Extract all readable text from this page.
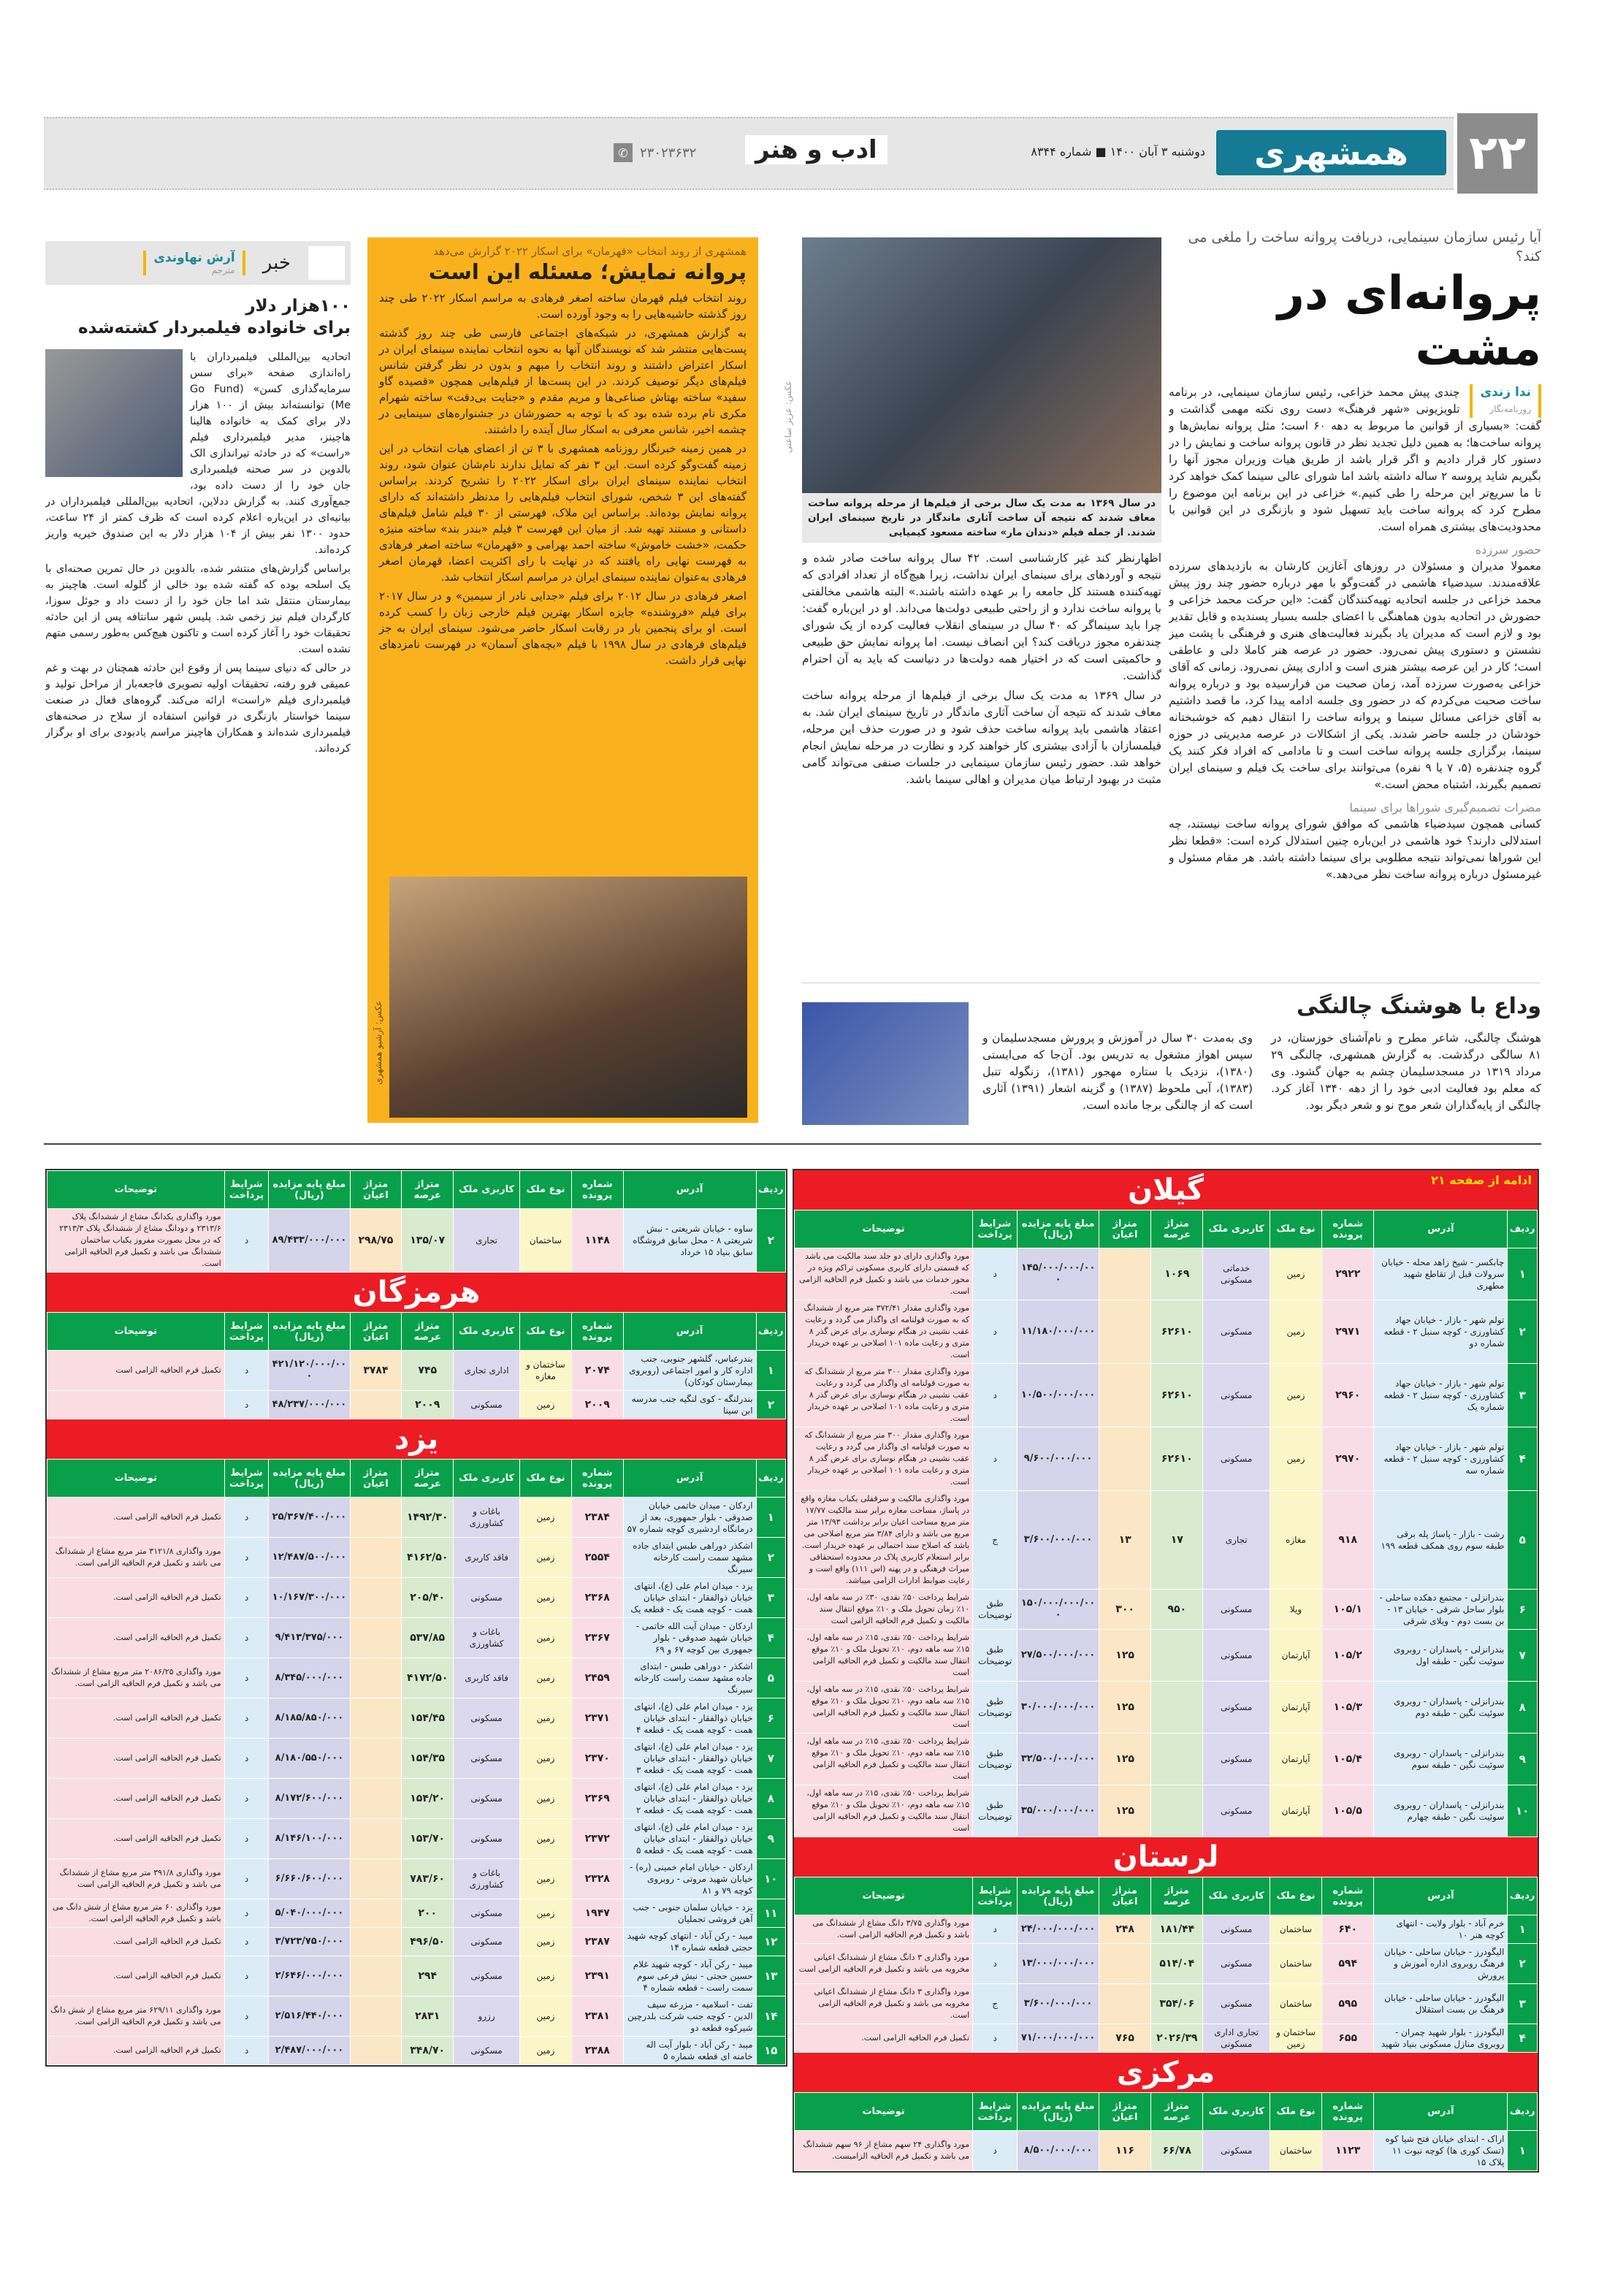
۲۲
همشهری
دوشنبه ۳ آبان ۱۴۰۰ ■ شماره ۸۳۴۴
ادب و هنر
✆ ۲۳۰۲۳۶۳۲
آیا رئیس سازمان سینمایی، دریافت پروانه ساخت را ملغی می کند؟
پروانه‌ای در مشت
ندا زندی
روزنامه‌نگار

چندی پیش محمد خزاعی، رئیس سازمان سینمایی، در برنامه تلویزیونی «شهر فرهنگ» دست روی نکته مهمی گذاشت و گفت: «بسیاری از قوانین ما مربوط به دهه ۶۰ است؛ مثل پروانه نمایش‌ها و پروانه ساخت‌ها؛ به همین دلیل تجدید نظر در قانون پروانه ساخت و نمایش را در دستور کار قرار دادیم و اگر قرار باشد از طریق هیات وزیران مجوز آنها را بگیریم شاید پروسه ۲ ساله داشته باشد اما شورای عالی سینما کمک خواهد کرد تا ما سریع‌تر این مرحله را طی کنیم.» خزاعی در این برنامه این موضوع را مطرح کرد که پروانه ساخت باید تسهیل شود و بازنگری در این قوانین با محدودیت‌های بیشتری همراه است.

حضور سرزده

معمولا مدیران و مسئولان در روزهای آغازین کارشان به بازدیدهای سرزده علاقه‌مندند. سیدضیاء هاشمی در گفت‌وگو با مهر درباره حضور چند روز پیش محمد خزاعی در جلسه اتحادیه تهیه‌کنندگان گفت: «این حرکت محمد خزاعی و حضورش در اتحادیه بدون هماهنگی با اعضای جلسه بسیار پسندیده و قابل تقدیر بود و لازم است که مدیران یاد بگیرند فعالیت‌های هنری و فرهنگی با پشت میز نشستن و دستوری پیش نمی‌رود. حضور در عرصه هنر کاملا دلی و عاطفی است؛ کار در این عرصه بیشتر هنری است و اداری پیش نمی‌رود. زمانی که آقای خزاعی به‌صورت سرزده آمد، زمان صحبت من فرارسیده بود و درباره پروانه ساخت صحبت می‌کردم که در حضور وی جلسه ادامه پیدا کرد، ما قصد داشتیم به آقای خزاعی مسائل سینما و پروانه ساخت را انتقال دهیم که خوشبختانه خودشان در جلسه حاضر شدند. یکی از اشکالات در عرصه مدیریتی در حوزه سینما، برگزاری جلسه پروانه ساخت است و تا مادامی که افراد فکر کنند یک گروه چندنفره (۵، ۷ یا ۹ نفره) می‌توانند برای ساخت یک فیلم و سینمای ایران تصمیم بگیرند، اشتباه محض است.»

مضرات تصمیم‌گیری شوراها برای سینما

کسانی همچون سیدضیاء هاشمی که موافق شورای پروانه ساخت نیستند، چه استدلالی دارند؟ خود هاشمی در این‌باره چنین استدلال کرده است: «قطعا نظر این شوراها نمی‌تواند نتیجه مطلوبی برای سینما داشته باشد. هر مقام مسئول و غیرمسئول درباره پروانه ساخت نظر می‌دهد.»

عکس: عزیز ساعتی
در سال ۱۳۶۹ به مدت یک سال برخی از فیلم‌ها از مرحله پروانه ساخت معاف شدند که نتیجه آن ساخت آثاری ماندگار در تاریخ سینمای ایران شدند. از جمله فیلم «دندان مار» ساخته مسعود کیمیایی

اظهارنظر کند غیر کارشناسی است. ۴۲ سال پروانه ساخت صادر شده و نتیجه و آوردهای برای سینمای ایران نداشت، زیرا هیچ‌گاه از تعداد افرادی که تهیه‌کننده هستند کل جامعه را بر عهده داشته باشند.» البته هاشمی مخالفتی با پروانه ساخت ندارد و از راحتی طبیعی دولت‌ها می‌داند. او در این‌باره گفت: چرا باید سینماگر که ۴۰ سال در سینمای انقلاب فعالیت کرده از یک شورای چندنفره مجوز دریافت کند؟ این انصاف نیست. اما پروانه نمایش حق طبیعی و حاکمیتی است که در اختیار همه دولت‌ها در دنیاست که باید به آن احترام گذاشت.

در سال ۱۳۶۹ به مدت یک سال برخی از فیلم‌ها از مرحله پروانه ساخت معاف شدند که نتیجه آن ساخت آثاری ماندگار در تاریخ سینمای ایران شد. به اعتقاد هاشمی باید پروانه ساخت حذف شود و در صورت حذف این مرحله، فیلمسازان با آزادی بیشتری کار خواهند کرد و نظارت در مرحله نمایش انجام خواهد شد. حضور رئیس سازمان سینمایی در جلسات صنفی می‌تواند گامی مثبت در بهبود ارتباط میان مدیران و اهالی سینما باشد.

وداع با هوشنگ چالنگی
هوشنگ چالنگی، شاعر مطرح و نام‌آشنای خوزستان، در ۸۱ سالگی درگذشت. به گزارش همشهری، چالنگی ۲۹ مرداد ۱۳۱۹ در مسجدسلیمان چشم به جهان گشود. وی که معلم بود فعالیت ادبی خود را از دهه ۱۳۴۰ آغاز کرد. چالنگی از پایه‌گذاران شعر موج نو و شعر دیگر بود.
وی به‌مدت ۳۰ سال در آموزش و پرورش مسجدسلیمان و سپس اهواز مشغول به تدریس بود. آن‌جا که می‌ایستی (۱۳۸۰)، نزدیک با ستاره مهجور (۱۳۸۱)، زنگوله تنبل (۱۳۸۳)، آبی ملحوظ (۱۳۸۷) و گزینه اشعار (۱۳۹۱) آثاری است که از چالنگی برجا مانده است.
همشهری از روند انتخاب «قهرمان» برای اسکار ۲۰۲۲ گزارش می‌دهد
پروانه نمایش؛ مسئله این است

روند انتخاب فیلم قهرمان ساخته اصغر فرهادی به مراسم اسکار ۲۰۲۲ طی چند روز گذشته حاشیه‌هایی را به وجود آورده است.

به گزارش همشهری، در شبکه‌های اجتماعی فارسی طی چند روز گذشته پست‌هایی منتشر شد که نویسندگان آنها به نحوه انتخاب نماینده سینمای ایران در اسکار اعتراض داشتند و روند انتخاب را مبهم و بدون در نظر گرفتن شانس فیلم‌های دیگر توصیف کردند. در این پست‌ها از فیلم‌هایی همچون «قصیده گاو سفید» ساخته بهتاش صناعی‌ها و مریم مقدم و «جنایت بی‌دقت» ساخته شهرام مکری نام برده شده بود که با توجه به حضورشان در جشنواره‌های سینمایی در چشمه اخیر، شانس معرفی به اسکار سال آینده را داشتند.

در همین زمینه خبرنگار روزنامه همشهری با ۳ تن از اعضای هیات انتخاب در این زمینه گفت‌وگو کرده است. این ۳ نفر که تمایل ندارند نام‌شان عنوان شود، روند انتخاب نماینده سینمای ایران برای اسکار ۲۰۲۲ را تشریح کردند. براساس گفته‌های این ۳ شخص، شورای انتخاب فیلم‌هایی را مدنظر داشته‌اند که دارای پروانه نمایش بوده‌اند. براساس این ملاک، فهرستی از ۳۰ فیلم شامل فیلم‌های داستانی و مستند تهیه شد. از میان این فهرست ۳ فیلم «بندر بند» ساخته منیژه حکمت، «خشت خاموش» ساخته احمد بهرامی و «قهرمان» ساخته اصغر فرهادی به فهرست نهایی راه یافتند که در نهایت با رای اکثریت اعضا، قهرمان اصغر فرهادی به‌عنوان نماینده سینمای ایران در مراسم اسکار انتخاب شد.

اصغر فرهادی در سال ۲۰۱۲ برای فیلم «جدایی نادر از سیمین» و در سال ۲۰۱۷ برای فیلم «فروشنده» جایزه اسکار بهترین فیلم خارجی زبان را کسب کرده است. او برای پنجمین بار در رقابت اسکار حاضر می‌شود. سینمای ایران به جز فیلم‌های فرهادی در سال ۱۹۹۸ با فیلم «بچه‌های آسمان» در فهرست نامزدهای نهایی قرار داشت.

عکس: آرشیو همشهری
خبر
آرش نهاوندی
مترجم
۱۰۰هزار دلار
برای خانواده فیلمبردار کشته‌شده

اتحادیه بین‌المللی فیلمبرداران با راه‌اندازی صفحه «برای سس سرمایه‌گذاری کسن» (Go Fund Me) توانسته‌اند بیش از ۱۰۰ هزار دلار برای کمک به خانواده هالینا هاچینز، مدیر فیلمبرداری فیلم «راست» که در حادثه تیراندازی الک بالدوین در سر صحنه فیلمبرداری جان خود را از دست داده بود، جمع‌آوری کنند. به گزارش ددلاین، اتحادیه بین‌المللی فیلمبرداران در بیانیه‌ای در این‌باره اعلام کرده است که ظرف کمتر از ۲۴ ساعت، حدود ۱۳۰۰ نفر بیش از ۱۰۴ هزار دلار به این صندوق خیریه واریز کرده‌اند.

براساس گزارش‌های منتشر شده، بالدوین در حال تمرین صحنه‌ای با یک اسلحه بوده که گفته شده بود خالی از گلوله است. هاچینز به بیمارستان منتقل شد اما جان خود را از دست داد و جوئل سوزا، کارگردان فیلم نیز زخمی شد. پلیس شهر سانتافه پس از این حادثه تحقیقات خود را آغاز کرده است و تاکنون هیچ‌کس به‌طور رسمی متهم نشده است.

در حالی که دنیای سینما پس از وقوع این حادثه همچنان در بهت و غم عمیقی فرو رفته، تحقیقات اولیه تصویری فاجعه‌بار از مراحل تولید و فیلمبرداری فیلم «راست» ارائه می‌کند. گروه‌های فعال در صنعت سینما خواستار بازنگری در قوانین استفاده از سلاح در صحنه‌های فیلمبرداری شده‌اند و همکاران هاچینز مراسم یادبودی برای او برگزار کرده‌اند.

گیلان	ادامه از صفحه ۲۱
ردیف	آدرس	شماره پرونده	نوع ملک	کاربری ملک	متراژ عرصه	متراژ اعیان	مبلغ پایه مزایده (ریال)	شرایط پرداخت	توضیحات
۱	چابکسر - شیخ زاهد محله - خیابان سرولات قبل از تقاطع شهید مطهری	۲۹۲۲	زمین	خدماتی مسکونی	۱۰۶۹		۱۴۵/۰۰۰/۰۰۰/۰۰۰	د	مورد واگذاری دارای دو جلد سند مالکیت می باشد که قسمتی دارای کاربری مسکونی تراکم ویژه در محور خدمات می باشد و تکمیل فرم الحاقیه الزامی است.
۲	تولم شهر - بازار - خیابان جهاد کشاورزی - کوچه سنبل ۲ - قطعه شماره دو	۲۹۷۱	زمین	مسکونی	۶۲۶۱۰		۱۱/۱۸۰/۰۰۰/۰۰۰	د	مورد واگذاری مقدار ۳۷۲/۴۱ متر مربع از ششدانگ که به صورت قولنامه ای واگذار می گردد و رعایت عقب نشینی در هنگام نوسازی برای عرض گذر ۸ متری و رعایت ماده ۱۰۱ اصلاحی بر عهده خریدار است.
۳	تولم شهر - بازار - خیابان جهاد کشاورزی - کوچه سنبل ۲ - قطعه شماره یک	۲۹۶۰	زمین	مسکونی	۶۲۶۱۰		۱۰/۵۰۰/۰۰۰/۰۰۰	د	مورد واگذاری مقدار ۳۰۰ متر مربع از ششدانگ که به صورت قولنامه ای واگذار می گردد و رعایت عقب نشینی در هنگام نوسازی برای عرض گذر ۸ متری و رعایت ماده ۱۰۱ اصلاحی بر عهده خریدار است.
۴	تولم شهر - بازار - خیابان جهاد کشاورزی - کوچه سنبل ۲ - قطعه شماره سه	۲۹۷۰	زمین	مسکونی	۶۲۶۱۰		۹/۶۰۰/۰۰۰/۰۰۰	د	مورد واگذاری مقدار ۳۰۰ متر مربع از ششدانگ که به صورت قولنامه ای واگذار می گردد و رعایت عقب نشینی در هنگام نوسازی برای عرض گذر ۸ متری و رعایت ماده ۱۰۱ اصلاحی بر عهده خریدار است.
۵	رشت - بازار - پاساژ پله برقی طبقه سوم روی همکف قطعه ۱۹۹	۹۱۸	مغازه	تجاری	۱۷	۱۳	۳/۶۰۰/۰۰۰/۰۰۰	ج	مورد واگذاری مالکیت و سرقفلی یکباب مغازه واقع در پاساژ، مساحت مغازه برابر سند مالکیت ۱۷/۷۷ متر مربع مساحت اعیان برابر برداشت ۱۳/۹۳ متر مربع می باشد و دارای ۳/۸۴ متر مربع اصلاحی می باشد که اصلاح سند احتمالی بر عهده خریدار است. برابر استعلام کاربری پلاک در محدوده استحقاقی میراث فرهنگی و در پهنه (اس ۱۱۱) واقع است و رعایت ضوابط ادارات الزامی میباشد.
۶	بندرانزلی - مجتمع دهکده ساحلی - بلوار ساحل شرقی - خیابان ۱۳ - بن بست دوم - ویلای شرقی	۱۰۵/۱	ویلا	مسکونی	۹۵۰	۳۰۰	۱۵۰/۰۰۰/۰۰۰/۰۰۰	طبق توضیحات	شرایط پرداخت ۵۰٪ نقدی، ۳۰٪ در سه ماهه اول، ۱۰٪ زمان تحویل ملک و ۱۰٪ موقع انتقال سند مالکیت و تکمیل فرم الحاقیه الزامی است
۷	بندرانزلی - پاسداران - روبروی سوئیت نگین - طبقه اول	۱۰۵/۲	آپارتمان	مسکونی		۱۲۵	۲۷/۵۰۰/۰۰۰/۰۰۰	طبق توضیحات	شرایط پرداخت ۵۰٪ نقدی، ۱۵٪ در سه ماهه اول، ۱۵٪ سه ماهه دوم، ۱۰٪ تحویل ملک و ۱۰٪ موقع انتقال سند مالکیت و تکمیل فرم الحاقیه الزامی است
۸	بندرانزلی - پاسداران - روبروی سوئیت نگین - طبقه دوم	۱۰۵/۳	آپارتمان	مسکونی		۱۲۵	۳۰/۰۰۰/۰۰۰/۰۰۰	طبق توضیحات	شرایط پرداخت ۵۰٪ نقدی، ۱۵٪ در سه ماهه اول، ۱۵٪ سه ماهه دوم، ۱۰٪ تحویل ملک و ۱۰٪ موقع انتقال سند مالکیت و تکمیل فرم الحاقیه الزامی است
۹	بندرانزلی - پاسداران - روبروی سوئیت نگین - طبقه سوم	۱۰۵/۴	آپارتمان	مسکونی		۱۲۵	۳۲/۵۰۰/۰۰۰/۰۰۰	طبق توضیحات	شرایط پرداخت ۵۰٪ نقدی، ۱۵٪ در سه ماهه اول، ۱۵٪ سه ماهه دوم، ۱۰٪ تحویل ملک و ۱۰٪ موقع انتقال سند مالکیت و تکمیل فرم الحاقیه الزامی است
۱۰	بندرانزلی - پاسداران - روبروی سوئیت نگین - طبقه چهارم	۱۰۵/۵	آپارتمان	مسکونی		۱۲۵	۳۵/۰۰۰/۰۰۰/۰۰۰	طبق توضیحات	شرایط پرداخت ۵۰٪ نقدی، ۱۵٪ در سه ماهه اول، ۱۵٪ سه ماهه دوم، ۱۰٪ تحویل ملک و ۱۰٪ موقع انتقال سند مالکیت و تکمیل فرم الحاقیه الزامی است
لرستان
ردیف	آدرس	شماره پرونده	نوع ملک	کاربری ملک	متراژ عرصه	متراژ اعیان	مبلغ پایه مزایده (ریال)	شرایط پرداخت	توضیحات
۱	خرم آباد - بلوار ولایت - انتهای کوچه هنر ۱۰	۶۴۰	ساختمان	مسکونی	۱۸۱/۴۴	۲۴۸	۲۴/۰۰۰/۰۰۰/۰۰۰	د	مورد واگذاری ۳/۷۵ دانگ مشاع از ششدانگ می باشد و تکمیل فرم الحاقیه الزامی است.
۲	الیگودرز - خیابان ساحلی - خیابان فرهنگ روبروی اداره آموزش و پرورش	۵۹۴	ساختمان	مسکونی	۵۱۴/۰۴		۱۳/۰۰۰/۰۰۰/۰۰۰	د	مورد واگذاری ۳ دانگ مشاع از ششدانگ اعیانی مخروبه می باشد و تکمیل فرم الحاقیه الزامی است
۳	الیگودرز - خیابان ساحلی - خیابان فرهنگ بن بست استقلال	۵۹۵	ساختمان	مسکونی	۳۵۴/۰۶		۳/۶۰۰/۰۰۰/۰۰۰	ج	مورد واگذاری ۳ دانگ مشاع از ششدانگ اعیانی مخروبه می باشد و تکمیل فرم الحاقیه الزامی است.
۴	الیگودرز - بلوار شهید چمران - روبروی منازل مسکونی بنیاد شهید	۶۵۵	ساختمان و زمین	تجاری اداری مسکونی	۲۰۲۶/۳۹	۷۶۵	۷۱/۰۰۰/۰۰۰/۰۰۰	د	تکمیل فرم الحاقیه الزامی است.
مرکزی
ردیف	آدرس	شماره پرونده	نوع ملک	کاربری ملک	متراژ عرصه	متراژ اعیان	مبلغ پایه مزایده (ریال)	شرایط پرداخت	توضیحات
۱	اراک - ابتدای خیابان فتح شیا کوه (تسک کوری ها) کوچه نبوت ۱۱ پلاک ۱۵	۱۱۲۳	ساختمان	مسکونی	۶۶/۷۸	۱۱۶	۸/۵۰۰/۰۰۰/۰۰۰	د	مورد واگذاری ۲۴ سهم مشاع از ۹۶ سهم ششدانگ می باشد و تکمیل فرم الحاقیه الزامیست.
ردیف	آدرس	شماره پرونده	نوع ملک	کاربری ملک	متراژ عرصه	متراژ اعیان	مبلغ پایه مزایده (ریال)	شرایط پرداخت	توضیحات
۲	ساوه - خیابان شریعتی - نبش شریعتی ۸ - محل سابق فروشگاه سابق بنیاد ۱۵ خرداد	۱۱۴۸	ساختمان	تجاری	۱۳۵/۰۷	۲۹۸/۷۵	۸۹/۴۳۳/۰۰۰/۰۰۰	د	مورد واگذاری یکدانگ مشاع از ششدانگ پلاک ۲۳۱۳/۶ و دودانگ مشاع از ششدانگ پلاک ۲۳۱۳/۳ که در محل بصورت مفروز یکباب ساختمان ششدانگ می باشد و تکمیل فرم الحاقیه الزامی است.
هرمزگان
ردیف	آدرس	شماره پرونده	نوع ملک	کاربری ملک	متراژ عرصه	متراژ اعیان	مبلغ پایه مزایده (ریال)	شرایط پرداخت	توضیحات
۱	بندرعباس، گلشهر جنوبی، جنب اداره کار و امور اجتماعی (روبروی بیمارستان کودکان)	۲۰۷۴	ساختمان و مغازه	اداری تجاری	۷۴۵	۳۷۸۴	۴۲۱/۱۲۰/۰۰۰/۰۰۰	د	تکمیل فرم الحاقیه الزامی است
۲	بندرلنگه - کوی لنگیه جنب مدرسه ابن سینا	۲۰۰۹	زمین	مسکونی	۲۰۰۹		۴۸/۲۳۷/۰۰۰/۰۰۰	د	
یزد
ردیف	آدرس	شماره پرونده	نوع ملک	کاربری ملک	متراژ عرصه	متراژ اعیان	مبلغ پایه مزایده (ریال)	شرایط پرداخت	توضیحات
۱	اردکان - میدان خاتمی خیابان صدوقی - بلوار جمهوری، بعد از درمانگاه اردشیری کوچه شماره ۵۷	۲۳۸۴	زمین	باغات و کشاورزی	۱۴۹۲/۳۰		۲۵/۳۶۷/۴۰۰/۰۰۰	د	تکمیل فرم الحاقیه الزامی است.
۲	اشکذر دوراهی طبس ابتدای جاده مشهد سمت راست کارخانه سیرنگ	۲۵۵۴	زمین	فاقد کاربری	۴۱۶۲/۵۰		۱۲/۴۸۷/۵۰۰/۰۰۰	د	مورد واگذاری ۳۱۲۱/۸ متر مربع مشاع از ششدانگ می باشد و تکمیل فرم الحاقیه الزامی است.
۳	یزد - میدان امام علی (ع)، انتهای خیابان ذوالفقار - ابتدای خیابان همت - کوچه همت یک - قطعه یک	۲۳۶۸	زمین	مسکونی	۲۰۵/۴۰		۱۰/۱۶۷/۳۰۰/۰۰۰	د	تکمیل فرم الحاقیه الزامی است.
۴	اردکان - میدان آیت الله خاتمی - خیابان شهید صدوقی - بلوار جمهوری بین کوچه ۶۷ و ۶۹	۲۳۶۷	زمین	باغات و کشاورزی	۵۳۷/۸۵		۹/۴۱۳/۳۷۵/۰۰۰	د	تکمیل فرم الحاقیه الزامی است.
۵	اشکذر - دوراهی طبس - ابتدای جاده مشهد سمت راست کارخانه سیرنگ	۲۴۵۹	زمین	فاقد کاربری	۴۱۷۲/۵۰		۸/۳۴۵/۰۰۰/۰۰۰	د	مورد واگذاری ۲۰۸۶/۲۵ متر مربع مشاع از ششدانگ می باشد و تکمیل فرم الحاقیه الزامی است.
۶	یزد - میدان امام علی (ع)، انتهای خیابان ذوالفقار - ابتدای خیابان همت - کوچه همت یک - قطعه ۴	۲۳۷۱	زمین	مسکونی	۱۵۴/۴۵		۸/۱۸۵/۸۵۰/۰۰۰	د	تکمیل فرم الحاقیه الزامی است.
۷	یزد - میدان امام علی (ع)، انتهای خیابان ذوالفقار - ابتدای خیابان همت - کوچه همت یک - قطعه ۳	۲۳۷۰	زمین	مسکونی	۱۵۴/۳۵		۸/۱۸۰/۵۵۰/۰۰۰	د	تکمیل فرم الحاقیه الزامی است.
۸	یزد - میدان امام علی (ع)، انتهای خیابان ذوالفقار - ابتدای خیابان همت - کوچه همت یک - قطعه ۲	۲۳۶۹	زمین	مسکونی	۱۵۴/۲۰		۸/۱۷۲/۶۰۰/۰۰۰	د	تکمیل فرم الحاقیه الزامی است.
۹	یزد - میدان امام علی (ع)، انتهای خیابان ذوالفقار - ابتدای خیابان همت - کوچه همت یک - قطعه ۵	۲۳۷۲	زمین	مسکونی	۱۵۳/۷۰		۸/۱۴۶/۱۰۰/۰۰۰	د	تکمیل فرم الحاقیه الزامی است.
۱۰	اردکان - خیابان امام خمینی (ره) - خیابان شهید مروتی - روبروی کوچه ۷۹ و ۸۱	۲۳۲۸	زمین	باغات و کشاورزی	۷۸۳/۶۰		۶/۶۶۰/۶۰۰/۰۰۰	د	مورد واگذاری ۳۹۱/۸ متر مربع مشاع از ششدانگ می باشد و تکمیل فرم الحاقیه الزامی است
۱۱	یزد - خیابان سلمان جنوبی - جنب آهن فروشی تجملیان	۱۹۴۷	زمین	مسکونی	۲۰۰		۵/۰۴۰/۰۰۰/۰۰۰	د	مورد واگذاری ۶۰ متر مربع مشاع از شش دانگ می باشد و تکمیل فرم الحاقیه الزامی است.
۱۲	میبد - رکن آباد - انتهای کوچه شهید حجتی قطعه شماره ۱۴	۲۳۸۷	زمین	مسکونی	۴۹۶/۵۰		۳/۷۲۳/۷۵۰/۰۰۰	د	تکمیل فرم الحاقیه الزامی است.
۱۳	میبد - رکن آباد - کوچه شهید غلام حسین حجتی - نبش فرعی سوم سمت راست - قطعه شماره ۴	۲۳۹۱	زمین	مسکونی	۲۹۴		۲/۶۴۶/۰۰۰/۰۰۰	د	تکمیل فرم الحاقیه الزامی است.
۱۴	تفت - اسلامیه - مزرعه سیف الدین - کوچه جنب شرکت بلدرچین شیرکوه قطعه دو	۲۳۸۱	زمین	رزرو	۲۸۳۱		۲/۵۱۶/۴۴۰/۰۰۰	د	مورد واگذاری ۶۲۹/۱۱ متر مربع مشاع از شش دانگ می باشد و تکمیل فرم الحاقیه الزامی است.
۱۵	میبد - رکن آباد - بلوار آیت اله خامنه ای قطعه شماره ۵	۲۳۸۸	زمین	مسکونی	۳۴۸/۷۰		۲/۴۸۷/۰۰۰/۰۰۰	د	تکمیل فرم الحاقیه الزامی است.
